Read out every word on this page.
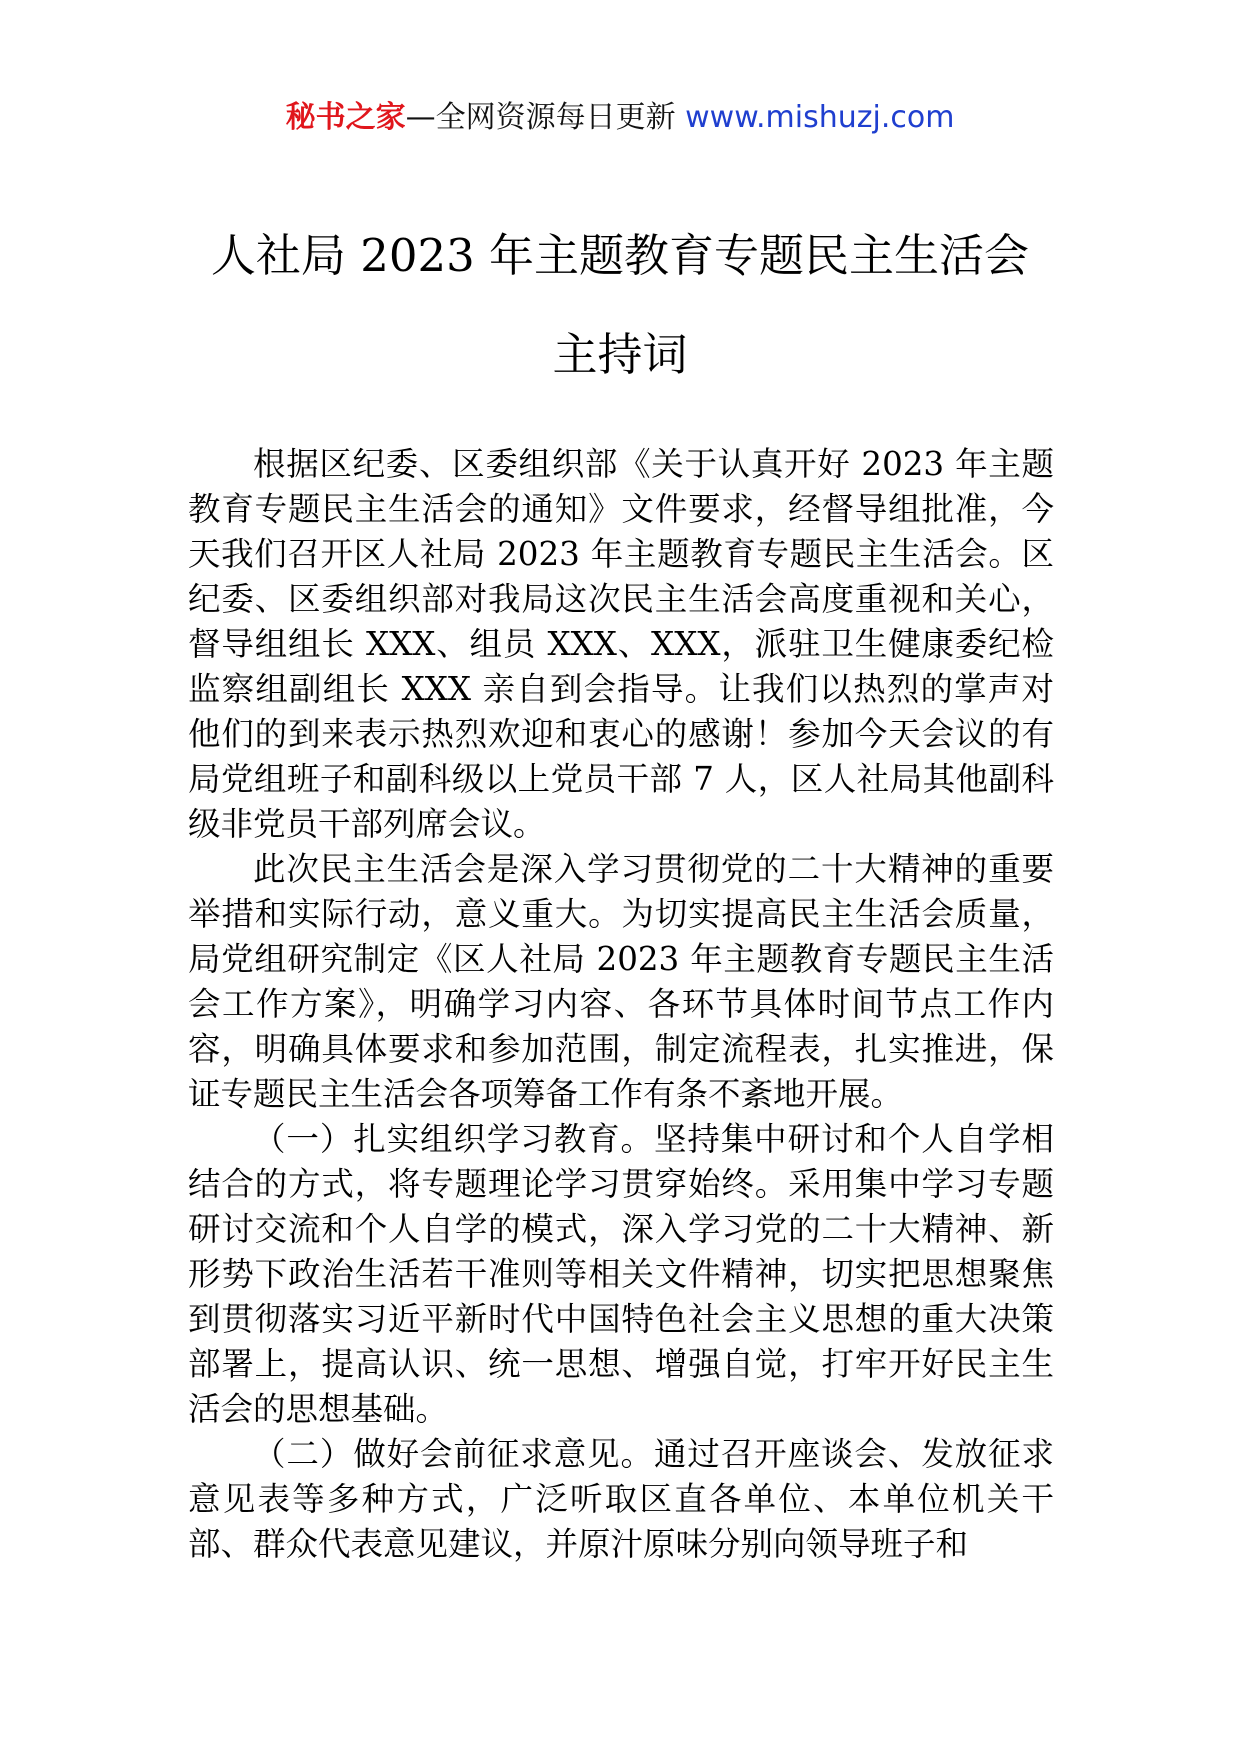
秘书之家—全网资源每日更新 www.mishuzj.com
人社局 2023 年主题教育专题民主生活会
主持词

根据区纪委、区委组织部《关于认真开好 2023 年主题教育专题民主生活会的通知》文件要求，经督导组批准，今天我们召开区人社局 2023 年主题教育专题民主生活会。区纪委、区委组织部对我局这次民主生活会高度重视和关心，督导组组长 XXX、组员 XXX、XXX，派驻卫生健康委纪检监察组副组长 XXX 亲自到会指导。让我们以热烈的掌声对他们的到来表示热烈欢迎和衷心的感谢！参加今天会议的有局党组班子和副科级以上党员干部 7 人，区人社局其他副科级非党员干部列席会议。

此次民主生活会是深入学习贯彻党的二十大精神的重要举措和实际行动，意义重大。为切实提高民主生活会质量，局党组研究制定《区人社局 2023 年主题教育专题民主生活会工作方案》，明确学习内容、各环节具体时间节点工作内容，明确具体要求和参加范围，制定流程表，扎实推进，保证专题民主生活会各项筹备工作有条不紊地开展。

（一）扎实组织学习教育。坚持集中研讨和个人自学相结合的方式，将专题理论学习贯穿始终。采用集中学习专题研讨交流和个人自学的模式，深入学习党的二十大精神、新形势下政治生活若干准则等相关文件精神，切实把思想聚焦到贯彻落实习近平新时代中国特色社会主义思想的重大决策部署上，提高认识、统一思想、增强自觉，打牢开好民主生活会的思想基础。

（二）做好会前征求意见。通过召开座谈会、发放征求意见表等多种方式，广泛听取区直各单位、本单位机关干部、群众代表意见建议，并原汁原味分别向领导班子和
